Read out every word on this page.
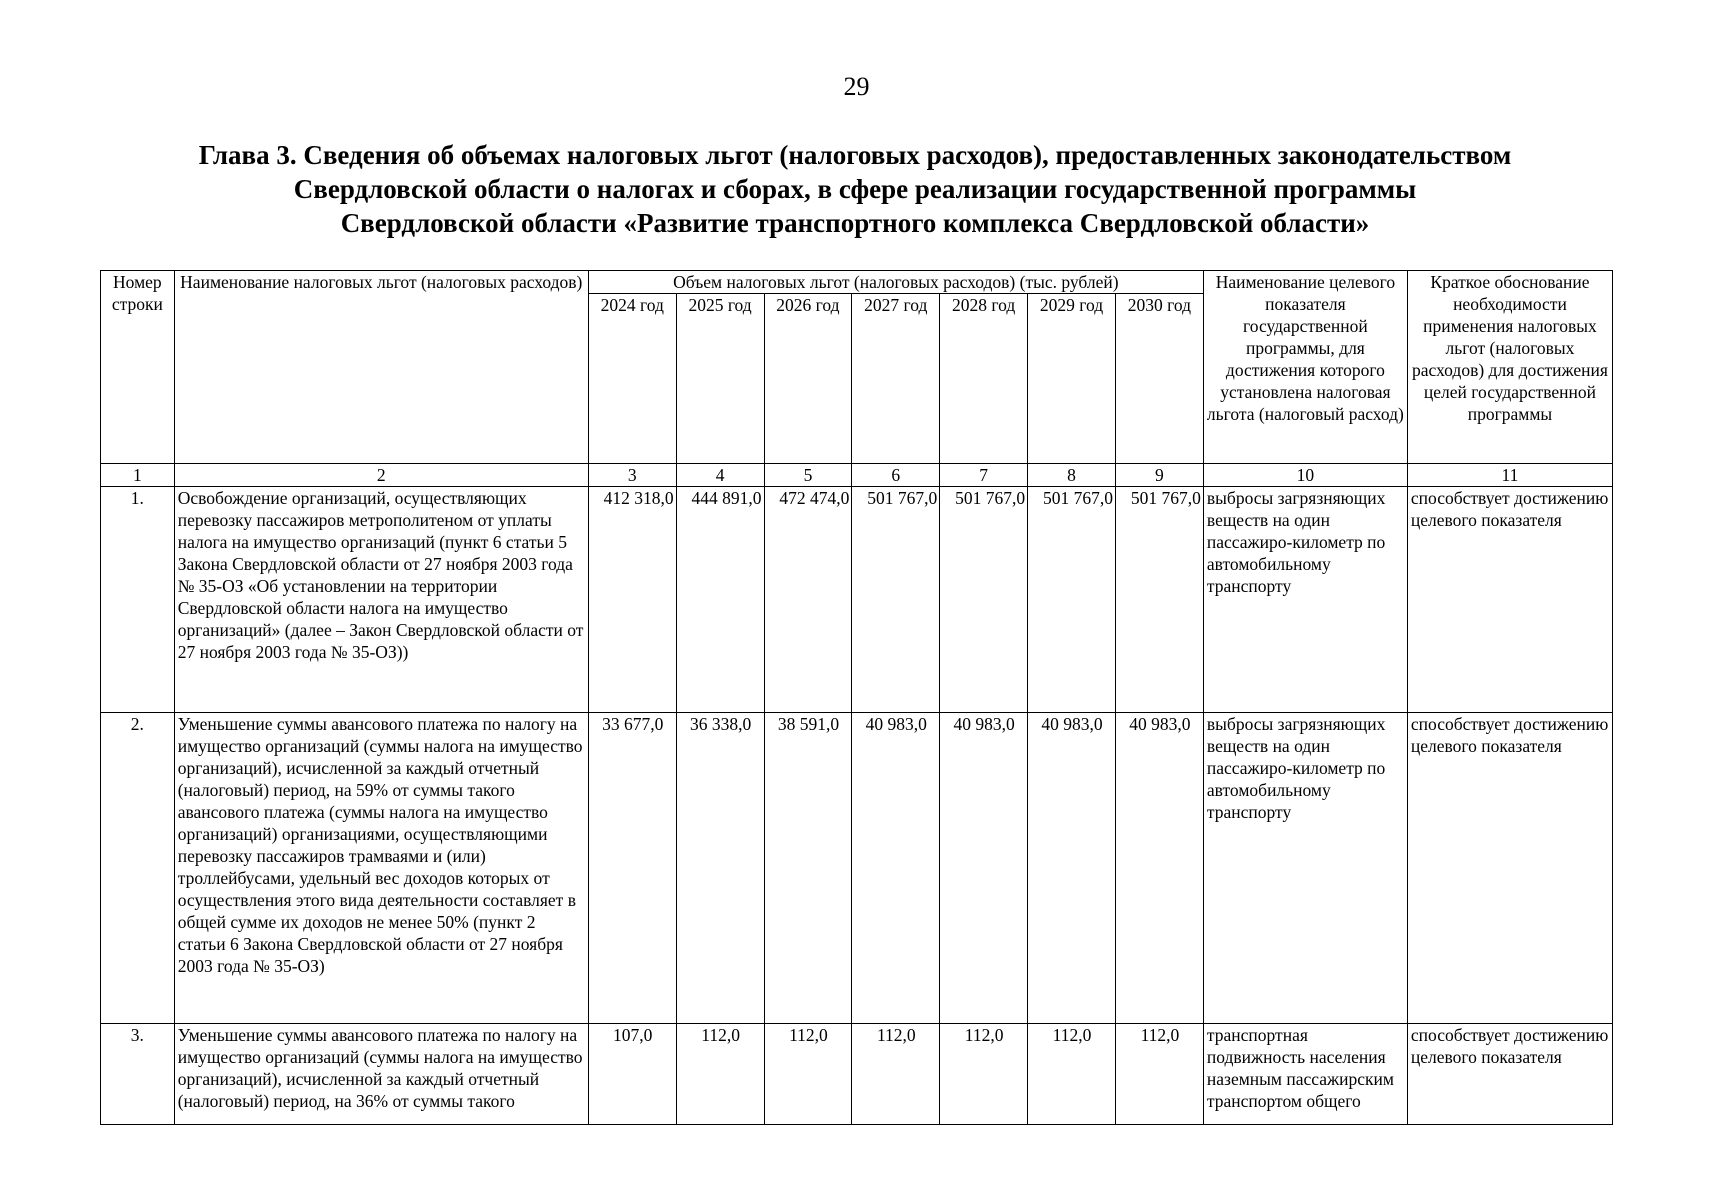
29
Глава 3. Сведения об объемах налоговых льгот (налоговых расходов), предоставленных законодательством
Свердловской области о налогах и сборах, в сфере реализации государственной программы
Свердловской области «Развитие транспортного комплекса Свердловской области»
Номер строки	Наименование налоговых льгот (налоговых расходов)	Объем налоговых льгот (налоговых расходов) (тыс. рублей)							Наименование целевого показателя государственной программы, для достижения которого установлена налоговая льгота (налоговый расход)	Краткое обоснование необходимости применения налоговых льгот (налоговых расходов) для достижения целей государственной программы
		2024 год	2025 год	2026 год	2027 год	2028 год	2029 год	2030 год		
1	2	3	4	5	6	7	8	9	10	11
1.	Освобождение организаций, осуществляющих перевозку пассажиров метрополитеном от уплаты налога на имущество организаций (пункт 6 статьи 5 Закона Свердловской области от 27 ноября 2003 года № 35-ОЗ «Об установлении на территории Свердловской области налога на имущество организаций» (далее – Закон Свердловской области от 27 ноября 2003 года № 35-ОЗ))	412 318,0	444 891,0	472 474,0	501 767,0	501 767,0	501 767,0	501 767,0	выбросы загрязняющих веществ на один пассажиро-километр по автомобильному транспорту	способствует достижению целевого показателя
2.	Уменьшение суммы авансового платежа по налогу на имущество организаций (суммы налога на имущество организаций), исчисленной за каждый отчетный (налоговый) период, на 59% от суммы такого авансового платежа (суммы налога на имущество организаций) организациями, осуществляющими перевозку пассажиров трамваями и (или) троллейбусами, удельный вес доходов которых от осуществления этого вида деятельности составляет в общей сумме их доходов не менее 50% (пункт 2 статьи 6 Закона Свердловской области от 27 ноября 2003 года № 35-ОЗ)	33 677,0	36 338,0	38 591,0	40 983,0	40 983,0	40 983,0	40 983,0	выбросы загрязняющих веществ на один пассажиро-километр по автомобильному транспорту	способствует достижению целевого показателя
3.	Уменьшение суммы авансового платежа по налогу на имущество организаций (суммы налога на имущество организаций), исчисленной за каждый отчетный (налоговый) период, на 36% от суммы такого	107,0	112,0	112,0	112,0	112,0	112,0	112,0	транспортная подвижность населения наземным пассажирским транспортом общего	способствует достижению целевого показателя
